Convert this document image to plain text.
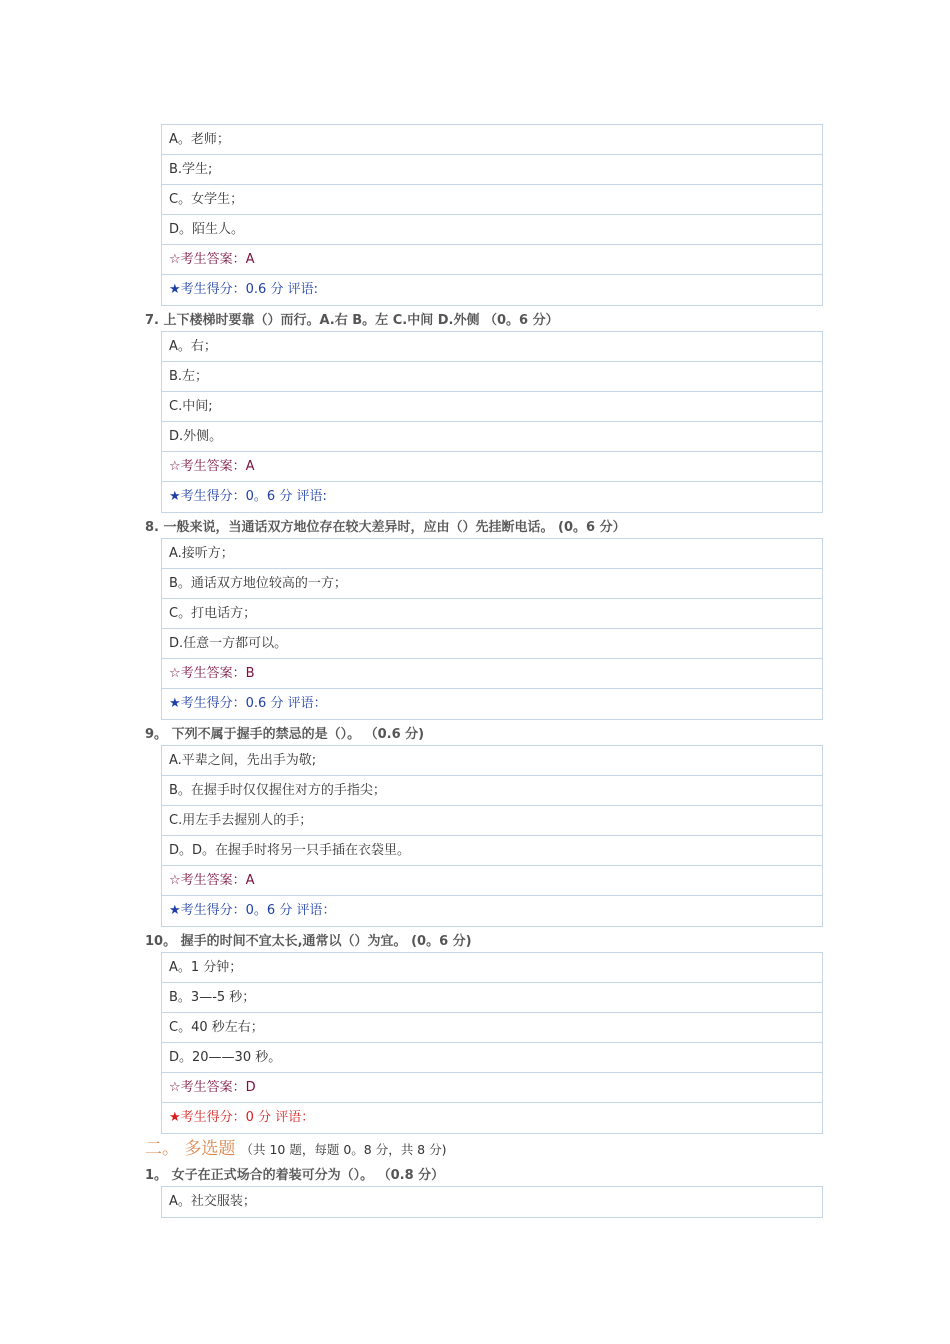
A。老师；
B.学生;
C。女学生；
D。陌生人。
☆考生答案：A
★考生得分：0.6 分 评语:
7. 上下楼梯时要靠（）而行。A.右 B。左 C.中间 D.外侧 （0。6 分）
A。右；
B.左；
C.中间;
D.外侧。
☆考生答案：A
★考生得分：0。6 分 评语:
8. 一般来说，当通话双方地位存在较大差异时，应由（）先挂断电话。 (0。6 分）
A.接听方；
B。通话双方地位较高的一方；
C。打电话方；
D.任意一方都可以。
☆考生答案：B
★考生得分：0.6 分 评语：
9。 下列不属于握手的禁忌的是（）。 （0.6 分)
A.平辈之间，先出手为敬;
B。在握手时仅仅握住对方的手指尖；
C.用左手去握别人的手；
D。D。在握手时将另一只手插在衣袋里。
☆考生答案：A
★考生得分：0。6 分 评语：
10。 握手的时间不宜太长,通常以（）为宜。 (0。6 分)
A。1 分钟；
B。3—-5 秒；
C。40 秒左右；
D。20——30 秒。
☆考生答案：D
★考生得分：0 分 评语：
二。 多选题 （共 10 题，每题 0。8 分，共 8 分)
1。 女子在正式场合的着装可分为（）。 （0.8 分）
A。社交服装；
